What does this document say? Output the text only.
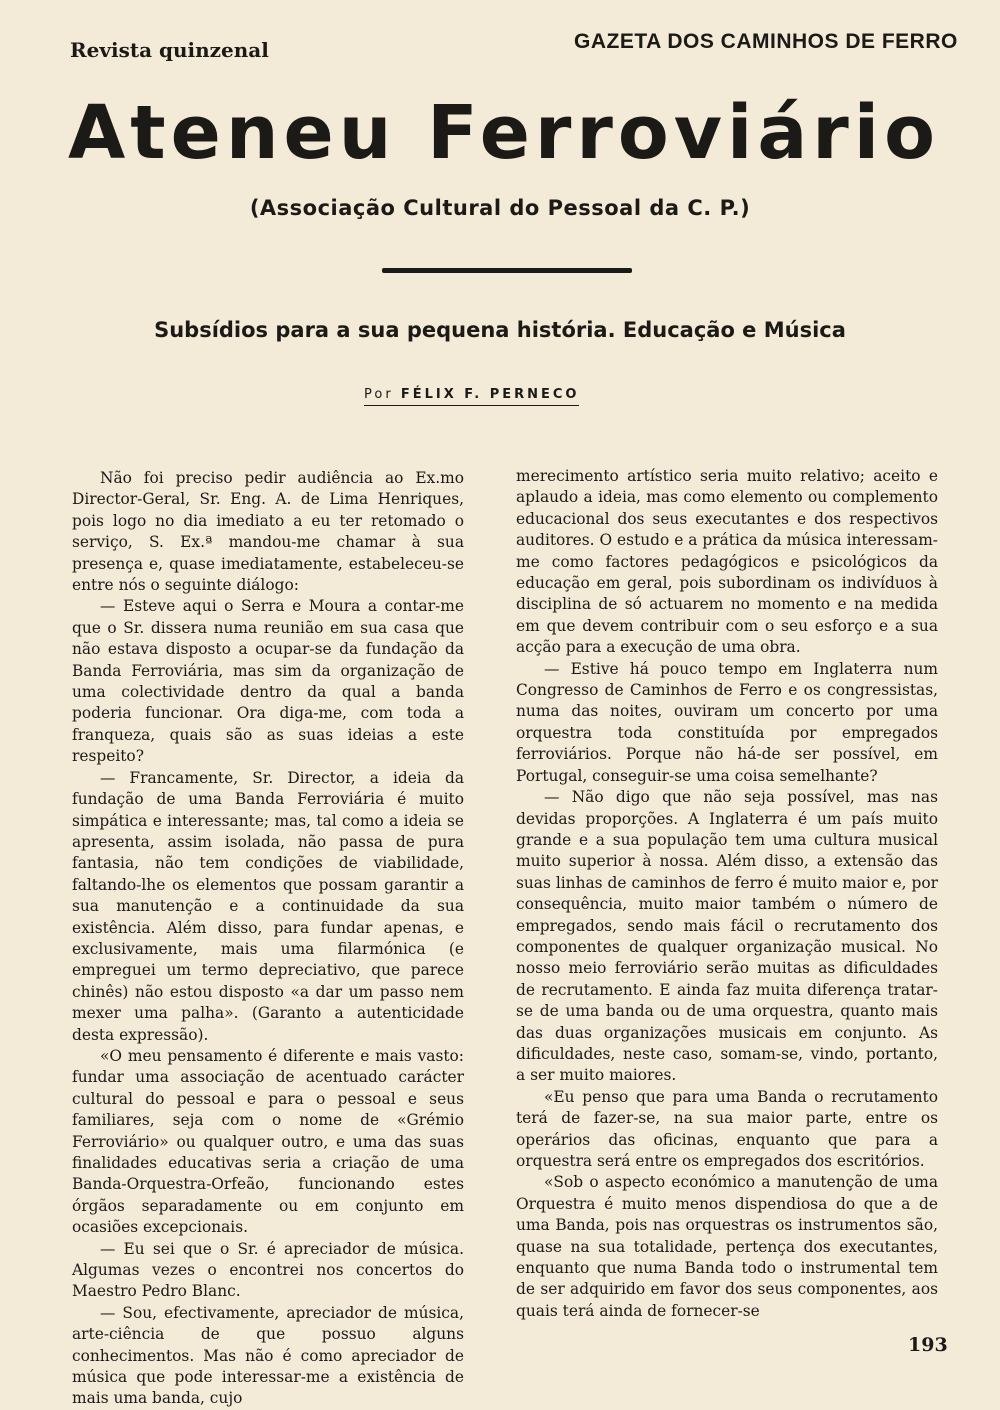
Revista quinzenal	GAZETA DOS CAMINHOS DE FERRO
Ateneu Ferroviário
(Associação Cultural do Pessoal da C. P.)
Subsídios para a sua pequena história. Educação e Música
Por FÉLIX F. PERNECO

Não foi preciso pedir audiência ao Ex.mo Director-Geral, Sr. Eng. A. de Lima Henriques, pois logo no dia imediato a eu ter retomado o serviço, S. Ex.ª mandou-me chamar à sua presença e, quase imediatamente, estabeleceu-se entre nós o seguinte diálogo:

— Esteve aqui o Serra e Moura a contar-me que o Sr. dissera numa reunião em sua casa que não estava disposto a ocupar-se da fundação da Banda Ferroviária, mas sim da organização de uma colectividade dentro da qual a banda poderia funcionar. Ora diga-me, com toda a franqueza, quais são as suas ideias a este respeito?

— Francamente, Sr. Director, a ideia da fundação de uma Banda Ferroviária é muito simpática e interessante; mas, tal como a ideia se apresenta, assim isolada, não passa de pura fantasia, não tem condições de viabilidade, faltando-lhe os elementos que possam garantir a sua manutenção e a continuidade da sua existência. Além disso, para fundar apenas, e exclusivamente, mais uma filarmónica (e empreguei um termo depreciativo, que parece chinês) não estou disposto «a dar um passo nem mexer uma palha». (Garanto a autenticidade desta expressão).

«O meu pensamento é diferente e mais vasto: fundar uma associação de acentuado carácter cultural do pessoal e para o pessoal e seus familiares, seja com o nome de «Grémio Ferroviário» ou qualquer outro, e uma das suas finalidades educativas seria a criação de uma Banda-Orquestra-Orfeão, funcionando estes órgãos separadamente ou em conjunto em ocasiões excepcionais.

— Eu sei que o Sr. é apreciador de música. Algumas vezes o encontrei nos concertos do Maestro Pedro Blanc.

— Sou, efectivamente, apreciador de música, arte-ciência de que possuo alguns conhecimentos. Mas não é como apreciador de música que pode interessar-me a existência de mais uma banda, cujo

merecimento artístico seria muito relativo; aceito e aplaudo a ideia, mas como elemento ou complemento educacional dos seus executantes e dos respectivos auditores. O estudo e a prática da música interessam-me como factores pedagógicos e psicológicos da educação em geral, pois subordinam os indivíduos à disciplina de só actuarem no momento e na medida em que devem contribuir com o seu esforço e a sua acção para a execução de uma obra.

— Estive há pouco tempo em Inglaterra num Congresso de Caminhos de Ferro e os congressistas, numa das noites, ouviram um concerto por uma orquestra toda constituída por empregados ferroviários. Porque não há-de ser possível, em Portugal, conseguir-se uma coisa semelhante?

— Não digo que não seja possível, mas nas devidas proporções. A Inglaterra é um país muito grande e a sua população tem uma cultura musical muito superior à nossa. Além disso, a extensão das suas linhas de caminhos de ferro é muito maior e, por consequência, muito maior também o número de empregados, sendo mais fácil o recrutamento dos componentes de qualquer organização musical. No nosso meio ferroviário serão muitas as dificuldades de recrutamento. E ainda faz muita diferença tratar-se de uma banda ou de uma orquestra, quanto mais das duas organizações musicais em conjunto. As dificuldades, neste caso, somam-se, vindo, portanto, a ser muito maiores.

«Eu penso que para uma Banda o recrutamento terá de fazer-se, na sua maior parte, entre os operários das oficinas, enquanto que para a orquestra será entre os empregados dos escritórios.

«Sob o aspecto económico a manutenção de uma Orquestra é muito menos dispendiosa do que a de uma Banda, pois nas orquestras os instrumentos são, quase na sua totalidade, pertença dos executantes, enquanto que numa Banda todo o instrumental tem de ser adquirido em favor dos seus componentes, aos quais terá ainda de fornecer-se

193
